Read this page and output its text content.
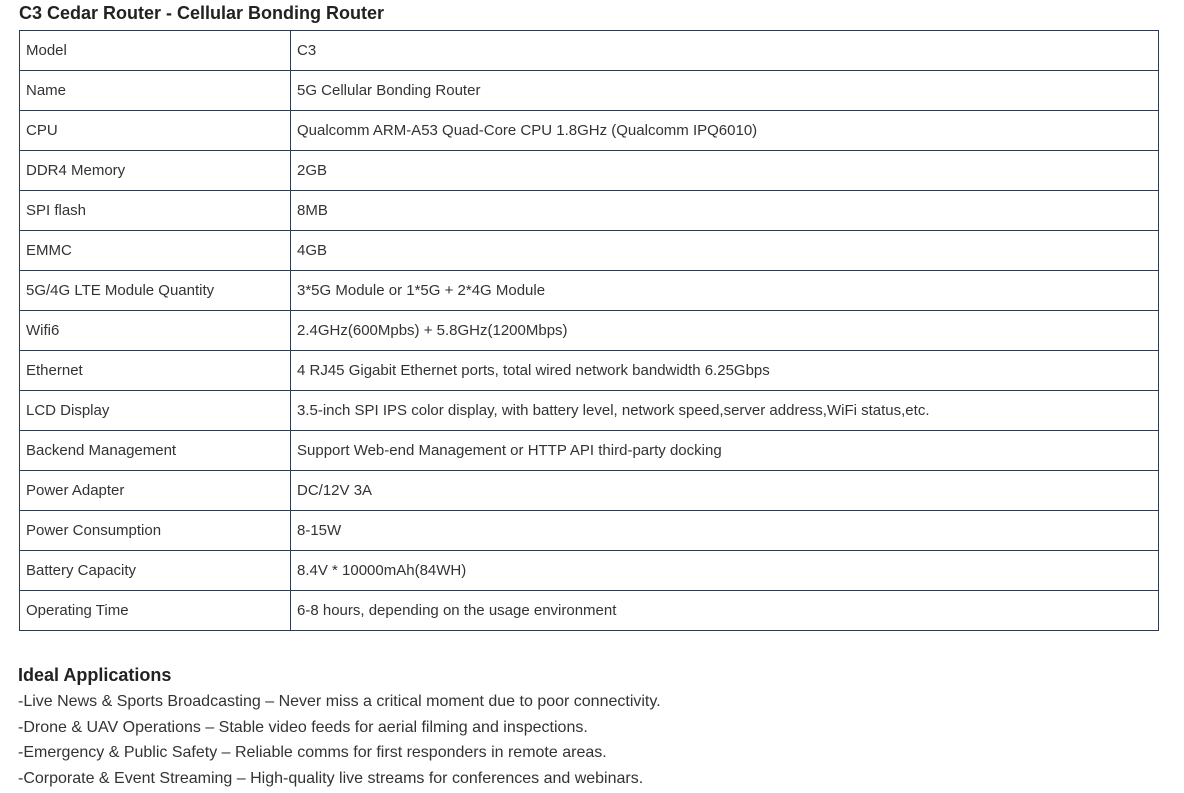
C3 Cedar Router - Cellular Bonding Router
Model	C3
Name	5G Cellular Bonding Router
CPU	Qualcomm ARM-A53 Quad-Core CPU 1.8GHz (Qualcomm IPQ6010)
DDR4 Memory	2GB
SPI flash	8MB
EMMC	4GB
5G/4G LTE Module Quantity	3*5G Module or 1*5G + 2*4G Module
Wifi6	2.4GHz(600Mpbs) + 5.8GHz(1200Mbps)
Ethernet	4 RJ45 Gigabit Ethernet ports, total wired network bandwidth 6.25Gbps
LCD Display	3.5-inch SPI IPS color display, with battery level, network speed,server address,WiFi status,etc.
Backend Management	Support Web-end Management or HTTP API third-party docking
Power Adapter	DC/12V 3A
Power Consumption	8-15W
Battery Capacity	8.4V * 10000mAh(84WH)
Operating Time	6-8 hours, depending on the usage environment
Ideal Applications
-Live News & Sports Broadcasting – Never miss a critical moment due to poor connectivity.
-Drone & UAV Operations – Stable video feeds for aerial filming and inspections.
-Emergency & Public Safety – Reliable comms for first responders in remote areas.
-Corporate & Event Streaming – High-quality live streams for conferences and webinars.
